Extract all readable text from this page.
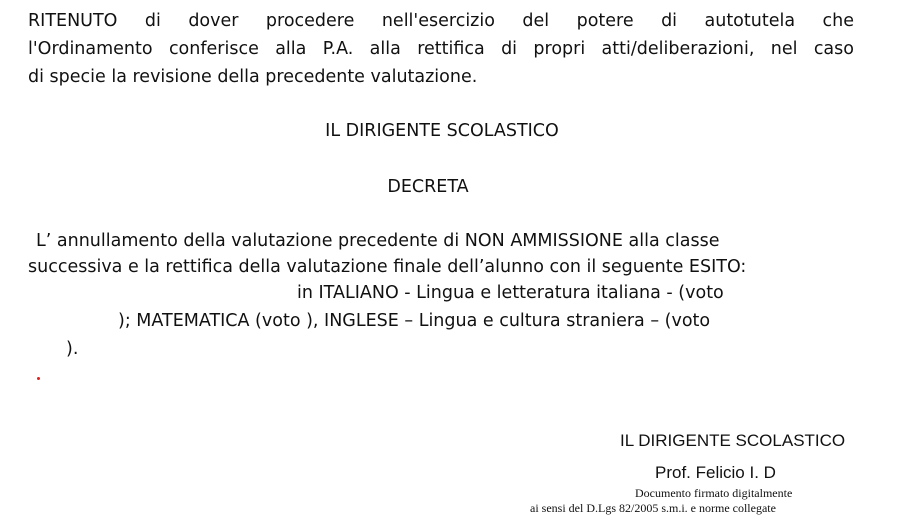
RITENUTO di dover procedere nell'esercizio del potere di autotutela che

l'Ordinamento conferisce alla P.A. alla rettifica di propri atti/deliberazioni, nel caso

di specie la revisione della precedente valutazione.

IL DIRIGENTE SCOLASTICO

DECRETA

L’ annullamento della valutazione precedente di NON AMMISSIONE alla classe

successiva e la rettifica della valutazione finale dell’alunno con il seguente ESITO:

in ITALIANO - Lingua e letteratura italiana - (voto

); MATEMATICA (voto ), INGLESE – Lingua e cultura straniera – (voto

).

IL DIRIGENTE SCOLASTICO
Prof. Felicio I. D
Documento firmato digitalmente
ai sensi del D.Lgs 82/2005 s.m.i. e norme collegate
